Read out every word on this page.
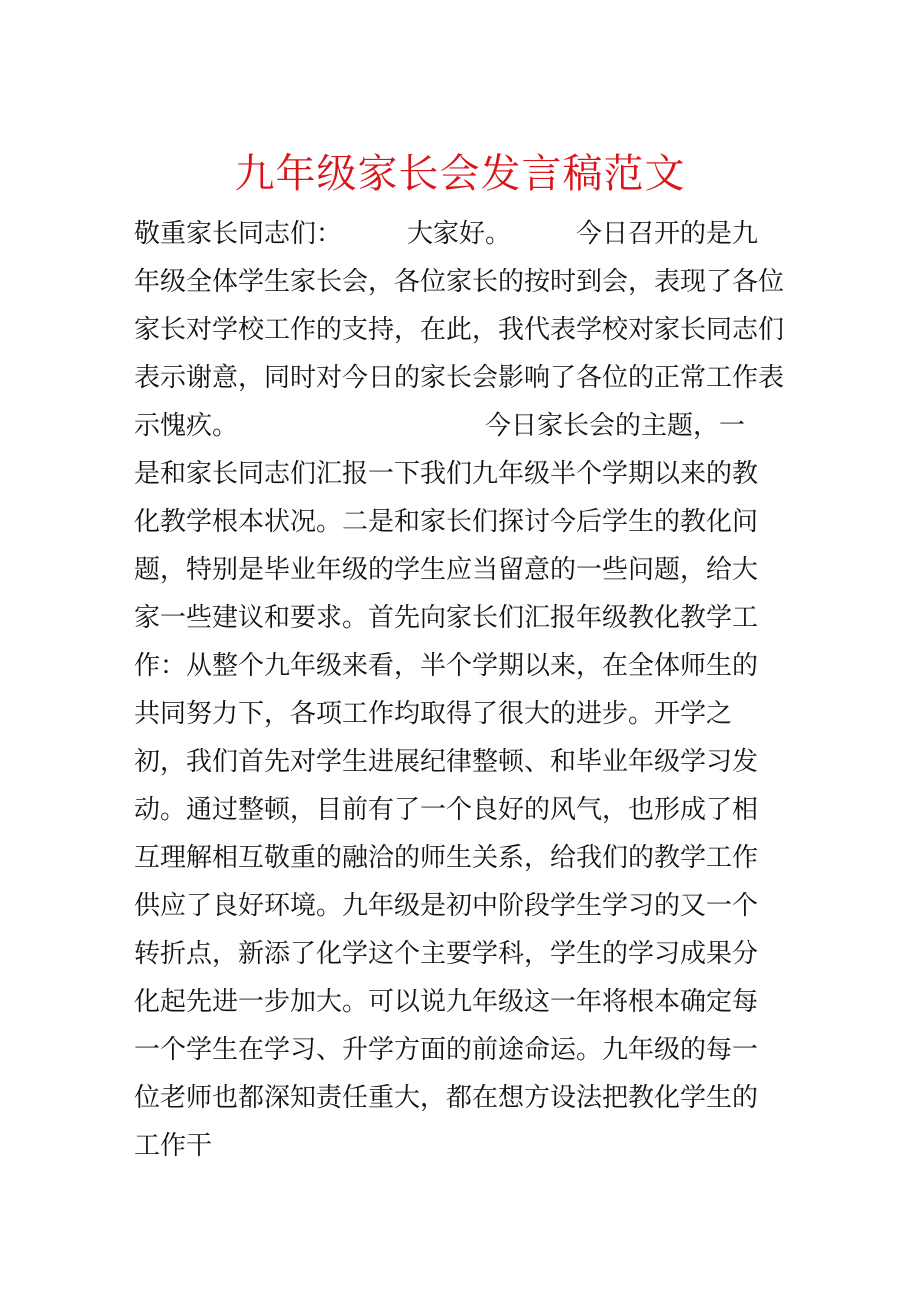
九年级家长会发言稿范文
敬重家长同志们：　　　大家好。　　　今日召开的是九
年级全体学生家长会，各位家长的按时到会，表现了各位
家长对学校工作的支持，在此，我代表学校对家长同志们
表示谢意，同时对今日的家长会影响了各位的正常工作表
示愧疚。　　　　　　　　　　今日家长会的主题，一
是和家长同志们汇报一下我们九年级半个学期以来的教
化教学根本状况。二是和家长们探讨今后学生的教化问
题，特别是毕业年级的学生应当留意的一些问题，给大
家一些建议和要求。首先向家长们汇报年级教化教学工
作：从整个九年级来看，半个学期以来，在全体师生的
共同努力下，各项工作均取得了很大的进步。开学之
初，我们首先对学生进展纪律整顿、和毕业年级学习发
动。通过整顿，目前有了一个良好的风气，也形成了相
互理解相互敬重的融洽的师生关系，给我们的教学工作
供应了良好环境。九年级是初中阶段学生学习的又一个
转折点，新添了化学这个主要学科，学生的学习成果分
化起先进一步加大。可以说九年级这一年将根本确定每
一个学生在学习、升学方面的前途命运。九年级的每一
位老师也都深知责任重大，都在想方设法把教化学生的
工作干
